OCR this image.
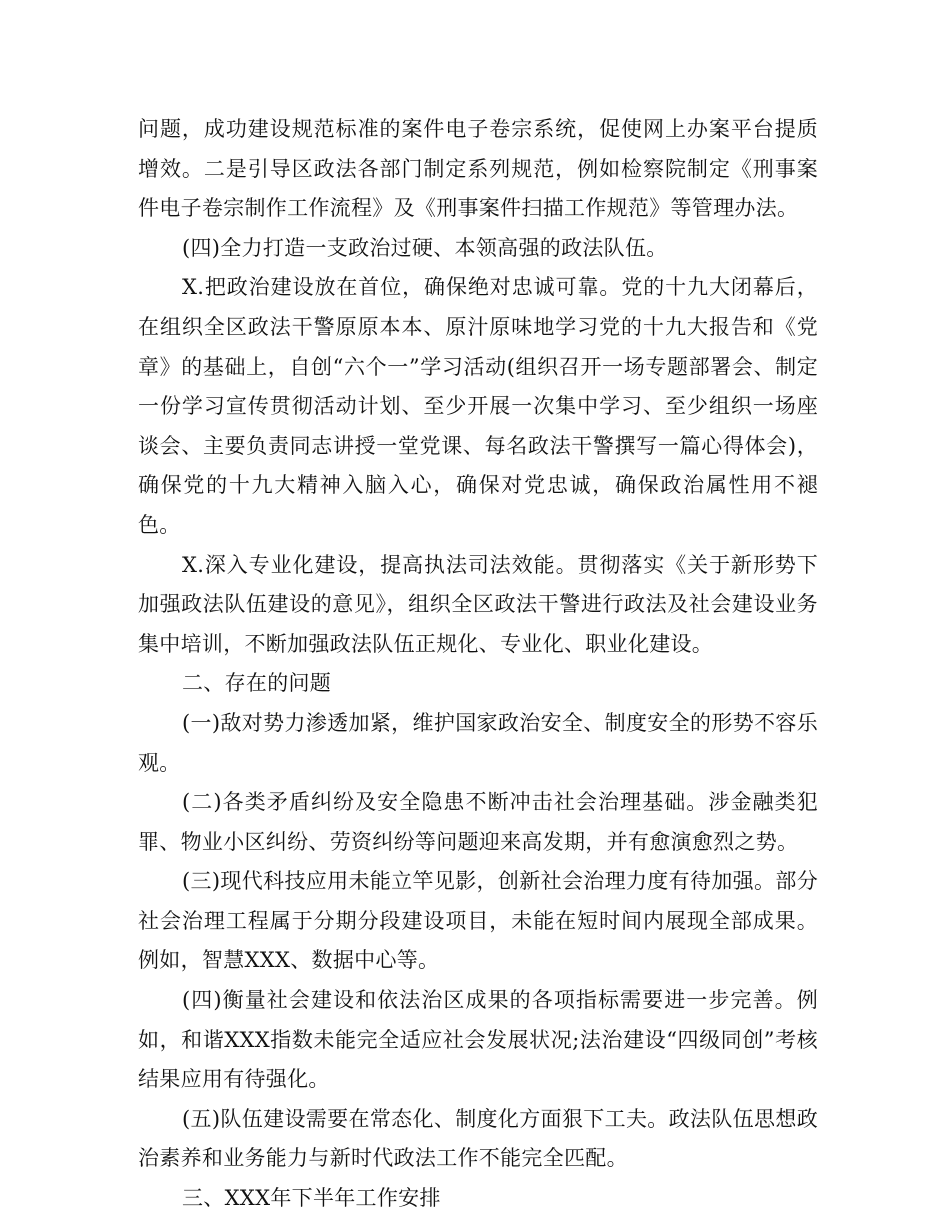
问题，成功建设规范标准的案件电子卷宗系统，促使网上办案平台提质增效。二是引导区政法各部门制定系列规范，例如检察院制定《刑事案件电子卷宗制作工作流程》及《刑事案件扫描工作规范》等管理办法。

(四)全力打造一支政治过硬、本领高强的政法队伍。

X.把政治建设放在首位，确保绝对忠诚可靠。党的十九大闭幕后，在组织全区政法干警原原本本、原汁原味地学习党的十九大报告和《党章》的基础上，自创“六个一”学习活动(组织召开一场专题部署会、制定一份学习宣传贯彻活动计划、至少开展一次集中学习、至少组织一场座谈会、主要负责同志讲授一堂党课、每名政法干警撰写一篇心得体会)，确保党的十九大精神入脑入心，确保对党忠诚，确保政治属性用不褪色。

X.深入专业化建设，提高执法司法效能。贯彻落实《关于新形势下加强政法队伍建设的意见》，组织全区政法干警进行政法及社会建设业务集中培训，不断加强政法队伍正规化、专业化、职业化建设。

二、存在的问题

(一)敌对势力渗透加紧，维护国家政治安全、制度安全的形势不容乐观。

(二)各类矛盾纠纷及安全隐患不断冲击社会治理基础。涉金融类犯罪、物业小区纠纷、劳资纠纷等问题迎来高发期，并有愈演愈烈之势。

(三)现代科技应用未能立竿见影，创新社会治理力度有待加强。部分社会治理工程属于分期分段建设项目，未能在短时间内展现全部成果。例如，智慧XXX、数据中心等。

(四)衡量社会建设和依法治区成果的各项指标需要进一步完善。例如，和谐XXX指数未能完全适应社会发展状况;法治建设“四级同创”考核结果应用有待强化。

(五)队伍建设需要在常态化、制度化方面狠下工夫。政法队伍思想政治素养和业务能力与新时代政法工作不能完全匹配。

三、XXX年下半年工作安排
